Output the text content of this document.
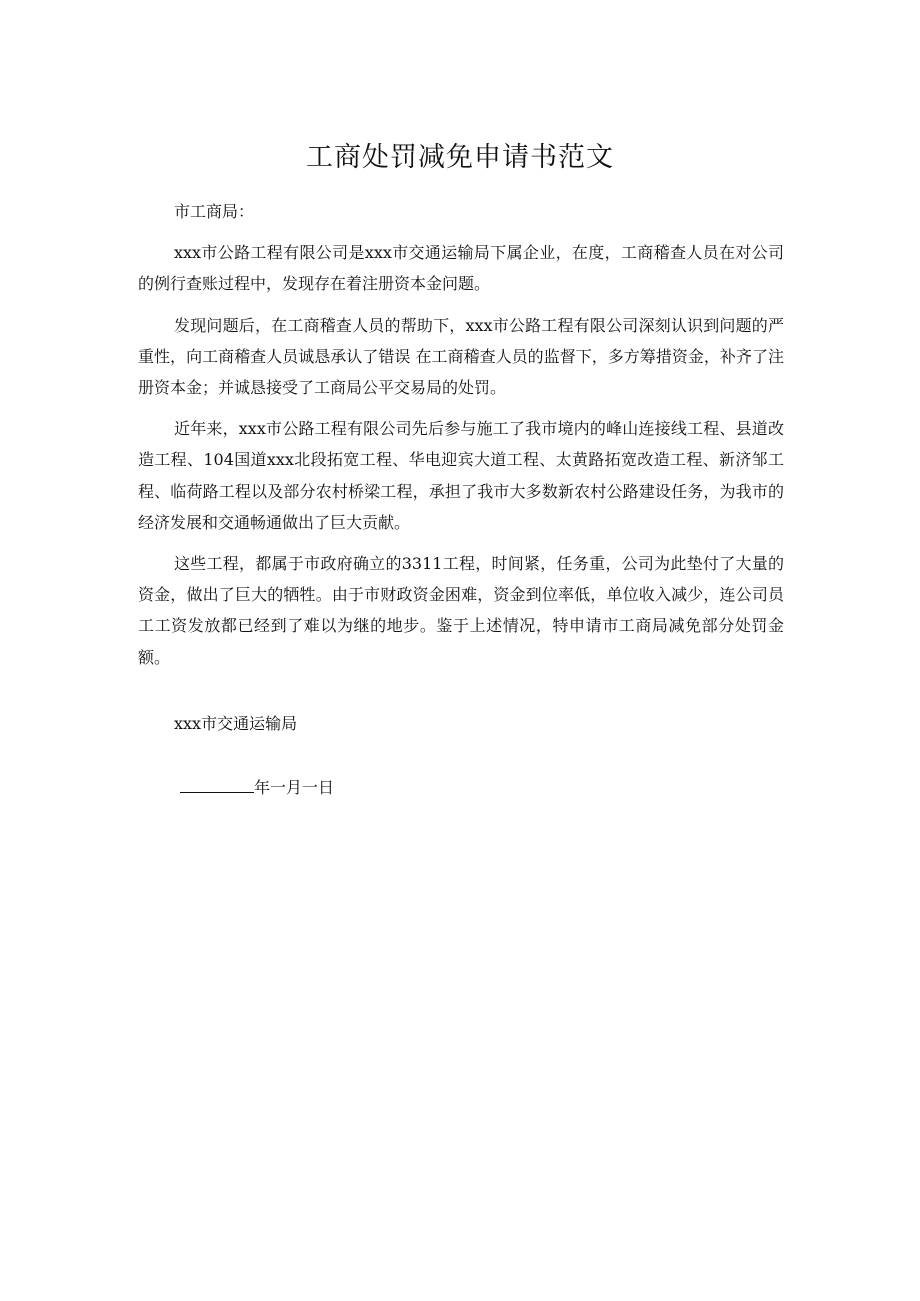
工商处罚减免申请书范文

市工商局：

xxx市公路工程有限公司是xxx市交通运输局下属企业，在度，工商稽查人员在对公司的例行查账过程中，发现存在着注册资本金问题。

发现问题后，在工商稽查人员的帮助下，xxx市公路工程有限公司深刻认识到问题的严重性，向工商稽查人员诚恳承认了错误 在工商稽查人员的监督下，多方筹措资金，补齐了注册资本金；并诚恳接受了工商局公平交易局的处罚。

近年来，xxx市公路工程有限公司先后参与施工了我市境内的峰山连接线工程、县道改造工程、104国道xxx北段拓宽工程、华电迎宾大道工程、太黄路拓宽改造工程、新济邹工程、临荷路工程以及部分农村桥梁工程，承担了我市大多数新农村公路建设任务，为我市的经济发展和交通畅通做出了巨大贡献。

这些工程，都属于市政府确立的3311工程，时间紧，任务重，公司为此垫付了大量的资金，做出了巨大的牺牲。由于市财政资金困难，资金到位率低，单位收入减少，连公司员工工资发放都已经到了难以为继的地步。鉴于上述情况，特申请市工商局减免部分处罚金额。

xxx市交通运输局
年一月一日
